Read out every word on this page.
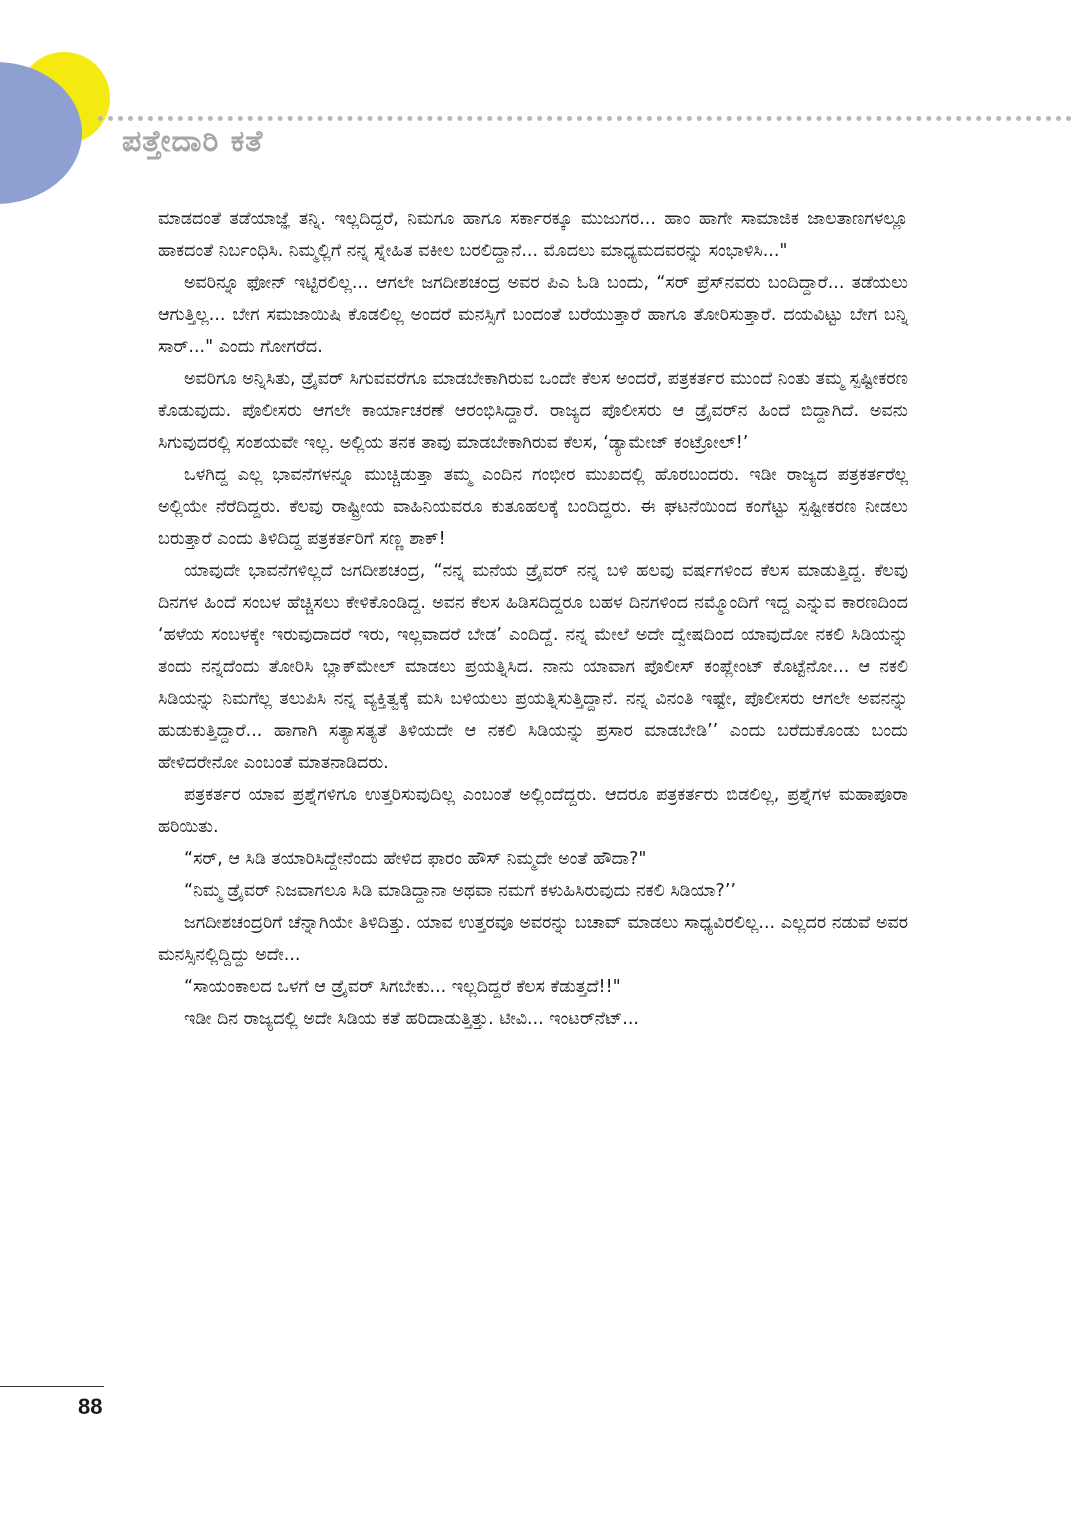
ಪತ್ತೇದಾರಿ ಕತೆ

ಮಾಡದಂತೆ ತಡೆಯಾಜ್ಞೆ ತನ್ನಿ. ಇಲ್ಲದಿದ್ದರೆ, ನಿಮಗೂ ಹಾಗೂ ಸರ್ಕಾರಕ್ಕೂ ಮುಜುಗರ... ಹಾಂ ಹಾಗೇ ಸಾಮಾಜಿಕ ಜಾಲತಾಣಗಳಲ್ಲೂ ಹಾಕದಂತೆ ನಿರ್ಬಂಧಿಸಿ. ನಿಮ್ಮಲ್ಲಿಗೆ ನನ್ನ ಸ್ನೇಹಿತ ವಕೀಲ ಬರಲಿದ್ದಾನೆ... ಮೊದಲು ಮಾಧ್ಯಮದವರನ್ನು ಸಂಭಾಳಿಸಿ..."

ಅವರಿನ್ನೂ ಫೋನ್ ಇಟ್ಟಿರಲಿಲ್ಲ... ಆಗಲೇ ಜಗದೀಶಚಂದ್ರ ಅವರ ಪಿಎ ಓಡಿ ಬಂದು, “ಸರ್ ಪ್ರೆಸ್‌ನವರು ಬಂದಿದ್ದಾರೆ... ತಡೆಯಲು ಆಗುತ್ತಿಲ್ಲ... ಬೇಗ ಸಮಜಾಯಿಷಿ ಕೊಡಲಿಲ್ಲ ಅಂದರೆ ಮನಸ್ಸಿಗೆ ಬಂದಂತೆ ಬರೆಯುತ್ತಾರೆ ಹಾಗೂ ತೋರಿಸುತ್ತಾರೆ. ದಯವಿಟ್ಟು ಬೇಗ ಬನ್ನಿ ಸಾರ್..." ಎಂದು ಗೋಗರೆದ.

ಅವರಿಗೂ ಅನ್ನಿಸಿತು, ಡ್ರೈವರ್ ಸಿಗುವವರೆಗೂ ಮಾಡಬೇಕಾಗಿರುವ ಒಂದೇ ಕೆಲಸ ಅಂದರೆ, ಪತ್ರಕರ್ತರ ಮುಂದೆ ನಿಂತು ತಮ್ಮ ಸ್ಪಷ್ಟೀಕರಣ ಕೊಡುವುದು. ಪೊಲೀಸರು ಆಗಲೇ ಕಾರ್ಯಾಚರಣೆ ಆರಂಭಿಸಿದ್ದಾರೆ. ರಾಜ್ಯದ ಪೊಲೀಸರು ಆ ಡ್ರೈವರ್‌ನ ಹಿಂದೆ ಬಿದ್ದಾಗಿದೆ. ಅವನು ಸಿಗುವುದರಲ್ಲಿ ಸಂಶಯವೇ ಇಲ್ಲ. ಅಲ್ಲಿಯ ತನಕ ತಾವು ಮಾಡಬೇಕಾಗಿರುವ ಕೆಲಸ, ‘ಡ್ಯಾಮೇಜ್ ಕಂಟ್ರೋಲ್!’

ಒಳಗಿದ್ದ ಎಲ್ಲ ಭಾವನೆಗಳನ್ನೂ ಮುಚ್ಚಿಡುತ್ತಾ ತಮ್ಮ ಎಂದಿನ ಗಂಭೀರ ಮುಖದಲ್ಲಿ ಹೊರಬಂದರು. ಇಡೀ ರಾಜ್ಯದ ಪತ್ರಕರ್ತರೆಲ್ಲ ಅಲ್ಲಿಯೇ ನೆರೆದಿದ್ದರು. ಕೆಲವು ರಾಷ್ಟ್ರೀಯ ವಾಹಿನಿಯವರೂ ಕುತೂಹಲಕ್ಕೆ ಬಂದಿದ್ದರು. ಈ ಘಟನೆಯಿಂದ ಕಂಗೆಟ್ಟು ಸ್ಪಷ್ಟೀಕರಣ ನೀಡಲು ಬರುತ್ತಾರೆ ಎಂದು ತಿಳಿದಿದ್ದ ಪತ್ರಕರ್ತರಿಗೆ ಸಣ್ಣ ಶಾಕ್!

ಯಾವುದೇ ಭಾವನೆಗಳಿಲ್ಲದೆ ಜಗದೀಶಚಂದ್ರ, “ನನ್ನ ಮನೆಯ ಡ್ರೈವರ್ ನನ್ನ ಬಳಿ ಹಲವು ವರ್ಷಗಳಿಂದ ಕೆಲಸ ಮಾಡುತ್ತಿದ್ದ. ಕೆಲವು ದಿನಗಳ ಹಿಂದೆ ಸಂಬಳ ಹೆಚ್ಚಿಸಲು ಕೇಳಿಕೊಂಡಿದ್ದ. ಅವನ ಕೆಲಸ ಹಿಡಿಸದಿದ್ದರೂ ಬಹಳ ದಿನಗಳಿಂದ ನಮ್ಮೊಂದಿಗೆ ಇದ್ದ ಎನ್ನುವ ಕಾರಣದಿಂದ ‘ಹಳೆಯ ಸಂಬಳಕ್ಕೇ ಇರುವುದಾದರೆ ಇರು, ಇಲ್ಲವಾದರೆ ಬೇಡ’ ಎಂದಿದ್ದೆ. ನನ್ನ ಮೇಲೆ ಅದೇ ದ್ವೇಷದಿಂದ ಯಾವುದೋ ನಕಲಿ ಸಿಡಿಯನ್ನು ತಂದು ನನ್ನದೆಂದು ತೋರಿಸಿ ಬ್ಲಾಕ್‌ಮೇಲ್ ಮಾಡಲು ಪ್ರಯತ್ನಿಸಿದ. ನಾನು ಯಾವಾಗ ಪೊಲೀಸ್ ಕಂಪ್ಲೇಂಟ್ ಕೊಟ್ಟೆನೋ... ಆ ನಕಲಿ ಸಿಡಿಯನ್ನು ನಿಮಗೆಲ್ಲ ತಲುಪಿಸಿ ನನ್ನ ವ್ಯಕ್ತಿತ್ವಕ್ಕೆ ಮಸಿ ಬಳಿಯಲು ಪ್ರಯತ್ನಿಸುತ್ತಿದ್ದಾನೆ. ನನ್ನ ವಿನಂತಿ ಇಷ್ಟೇ, ಪೊಲೀಸರು ಆಗಲೇ ಅವನನ್ನು ಹುಡುಕುತ್ತಿದ್ದಾರೆ... ಹಾಗಾಗಿ ಸತ್ಯಾಸತ್ಯತೆ ತಿಳಿಯದೇ ಆ ನಕಲಿ ಸಿಡಿಯನ್ನು ಪ್ರಸಾರ ಮಾಡಬೇಡಿ’’ ಎಂದು ಬರೆದುಕೊಂಡು ಬಂದು ಹೇಳಿದರೇನೋ ಎಂಬಂತೆ ಮಾತನಾಡಿದರು.

ಪತ್ರಕರ್ತರ ಯಾವ ಪ್ರಶ್ನೆಗಳಿಗೂ ಉತ್ತರಿಸುವುದಿಲ್ಲ ಎಂಬಂತೆ ಅಲ್ಲಿಂದೆದ್ದರು. ಆದರೂ ಪತ್ರಕರ್ತರು ಬಿಡಲಿಲ್ಲ, ಪ್ರಶ್ನೆಗಳ ಮಹಾಪೂರಾ ಹರಿಯಿತು.

“ಸರ್, ಆ ಸಿಡಿ ತಯಾರಿಸಿದ್ದೇನೆಂದು ಹೇಳಿದ ಫಾರಂ ಹೌಸ್ ನಿಮ್ಮದೇ ಅಂತೆ ಹೌದಾ?"

“ನಿಮ್ಮ ಡ್ರೈವರ್ ನಿಜವಾಗಲೂ ಸಿಡಿ ಮಾಡಿದ್ದಾನಾ ಅಥವಾ ನಮಗೆ ಕಳುಹಿಸಿರುವುದು ನಕಲಿ ಸಿಡಿಯಾ?’’

ಜಗದೀಶಚಂದ್ರರಿಗೆ ಚೆನ್ನಾಗಿಯೇ ತಿಳಿದಿತ್ತು. ಯಾವ ಉತ್ತರವೂ ಅವರನ್ನು ಬಚಾವ್ ಮಾಡಲು ಸಾಧ್ಯವಿರಲಿಲ್ಲ... ಎಲ್ಲದರ ನಡುವೆ ಅವರ ಮನಸ್ಸಿನಲ್ಲಿದ್ದಿದ್ದು ಅದೇ...

“ಸಾಯಂಕಾಲದ ಒಳಗೆ ಆ ಡ್ರೈವರ್ ಸಿಗಬೇಕು... ಇಲ್ಲದಿದ್ದರೆ ಕೆಲಸ ಕೆಡುತ್ತದೆ!!"

ಇಡೀ ದಿನ ರಾಜ್ಯದಲ್ಲಿ ಅದೇ ಸಿಡಿಯ ಕತೆ ಹರಿದಾಡುತ್ತಿತ್ತು. ಟೀವಿ... ಇಂಟರ್‌ನೆಟ್...

88
